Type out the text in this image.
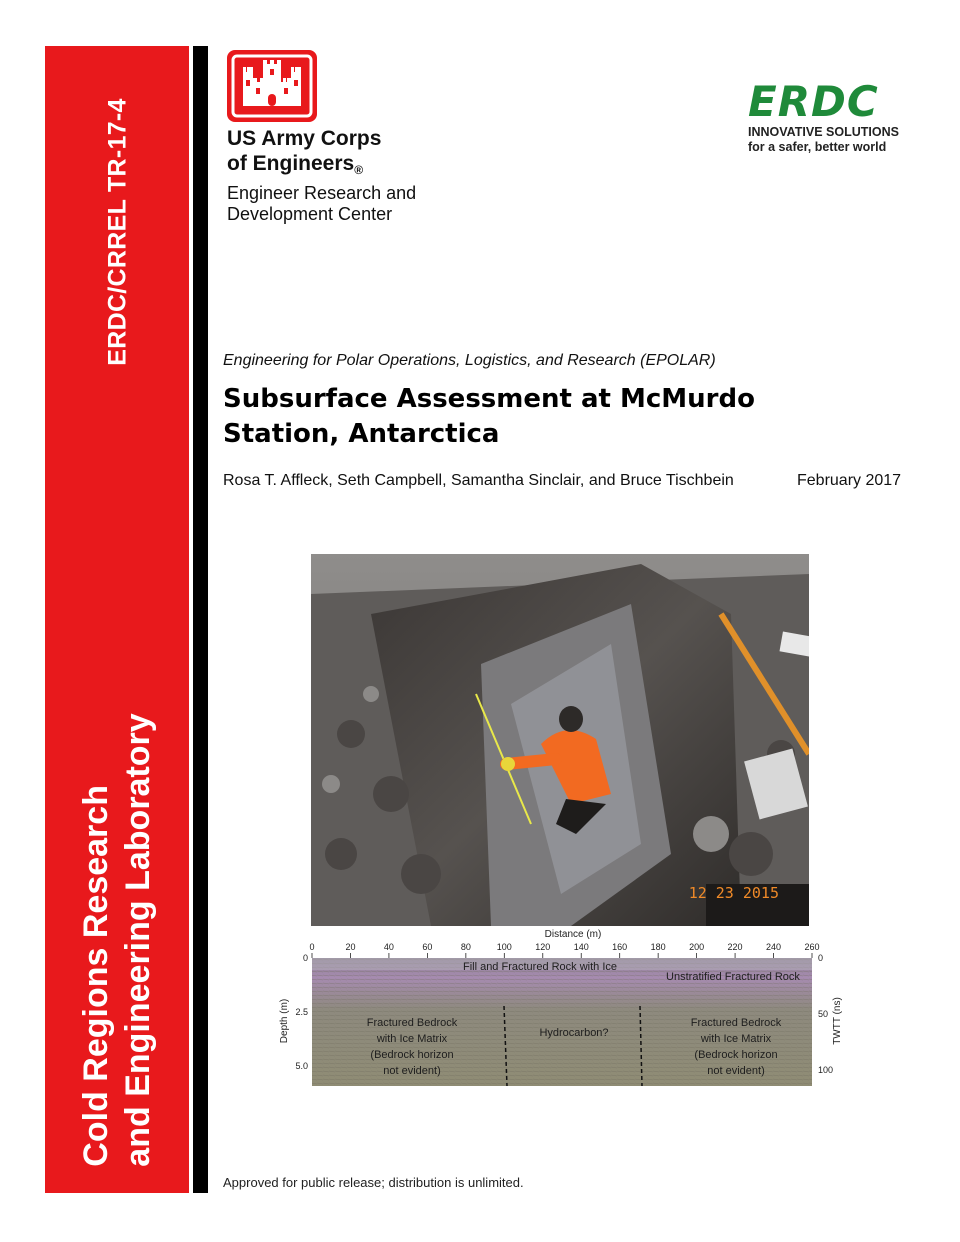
ERDC/CRREL TR-17-4
Cold Regions Research and Engineering Laboratory
US Army Corps
of Engineers®
Engineer Research and
Development Center
ERDC
INNOVATIVE SOLUTIONS
for a safer, better world
Engineering for Polar Operations, Logistics, and Research (EPOLAR)
Subsurface Assessment at McMurdo
Station, Antarctica
Rosa T. Affleck, Seth Campbell, Samantha Sinclair, and Bruce Tischbein	February 2017
12 23 2015
Distance (m)
0	20	40	60	80	100	120	140	160	180	200	220	240	260
Fill and Fractured Rock with Ice
Unstratified Fractured Rock
Fractured Bedrock
with Ice Matrix
(Bedrock horizon
not evident)
Hydrocarbon?
Fractured Bedrock
with Ice Matrix
(Bedrock horizon
not evident)
Depth (m)
0
2.5
5.0
TWTT (ns)
0
50
100
Approved for public release; distribution is unlimited.
